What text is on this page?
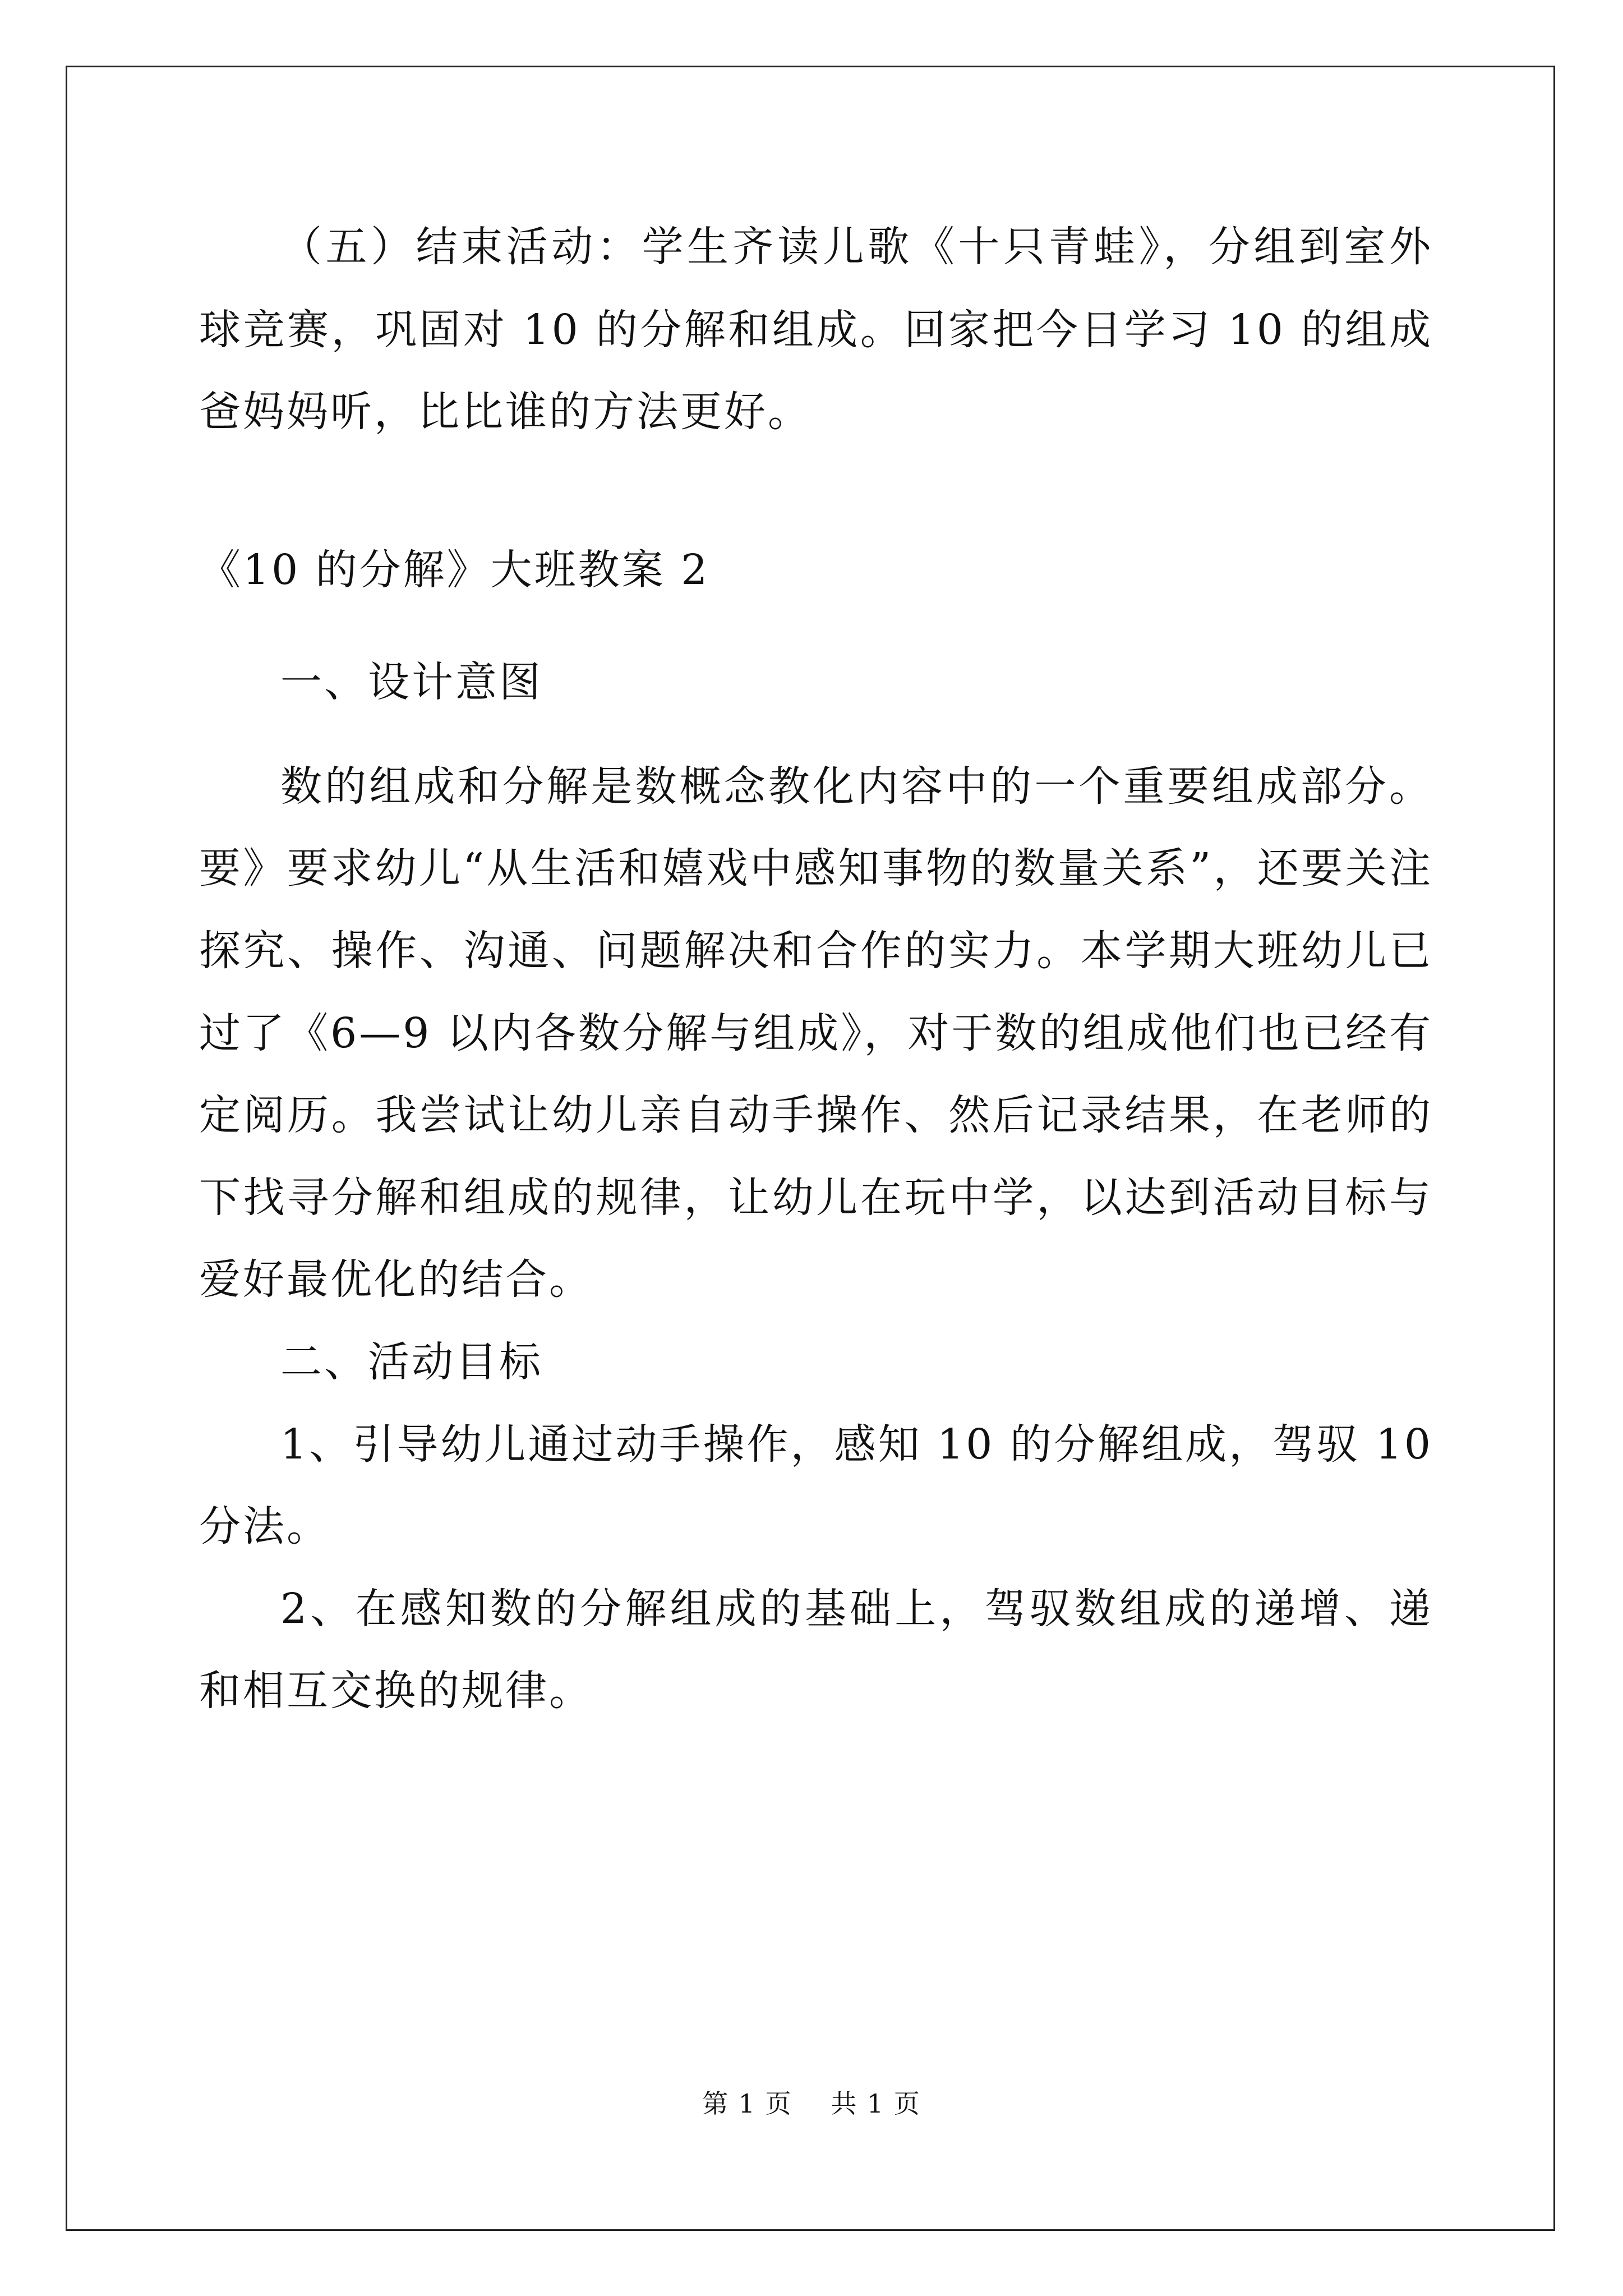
（五）结束活动：学生齐读儿歌《十只青蛙》，分组到室外
球竞赛，巩固对 10 的分解和组成。回家把今日学习 10 的组成
爸妈妈听，比比谁的方法更好。
《10 的分解》大班教案 2
一、设计意图
数的组成和分解是数概念教化内容中的一个重要组成部分。
要》要求幼儿“从生活和嬉戏中感知事物的数量关系”，还要关注
探究、操作、沟通、问题解决和合作的实力。本学期大班幼儿已
过了《6—9 以内各数分解与组成》，对于数的组成他们也已经有
定阅历。我尝试让幼儿亲自动手操作、然后记录结果，在老师的
下找寻分解和组成的规律，让幼儿在玩中学，以达到活动目标与
爱好最优化的结合。
二、活动目标
1、引导幼儿通过动手操作，感知 10 的分解组成，驾驭 10
分法。
2、在感知数的分解组成的基础上，驾驭数组成的递增、递
和相互交换的规律。
第 1 页 共 1 页
